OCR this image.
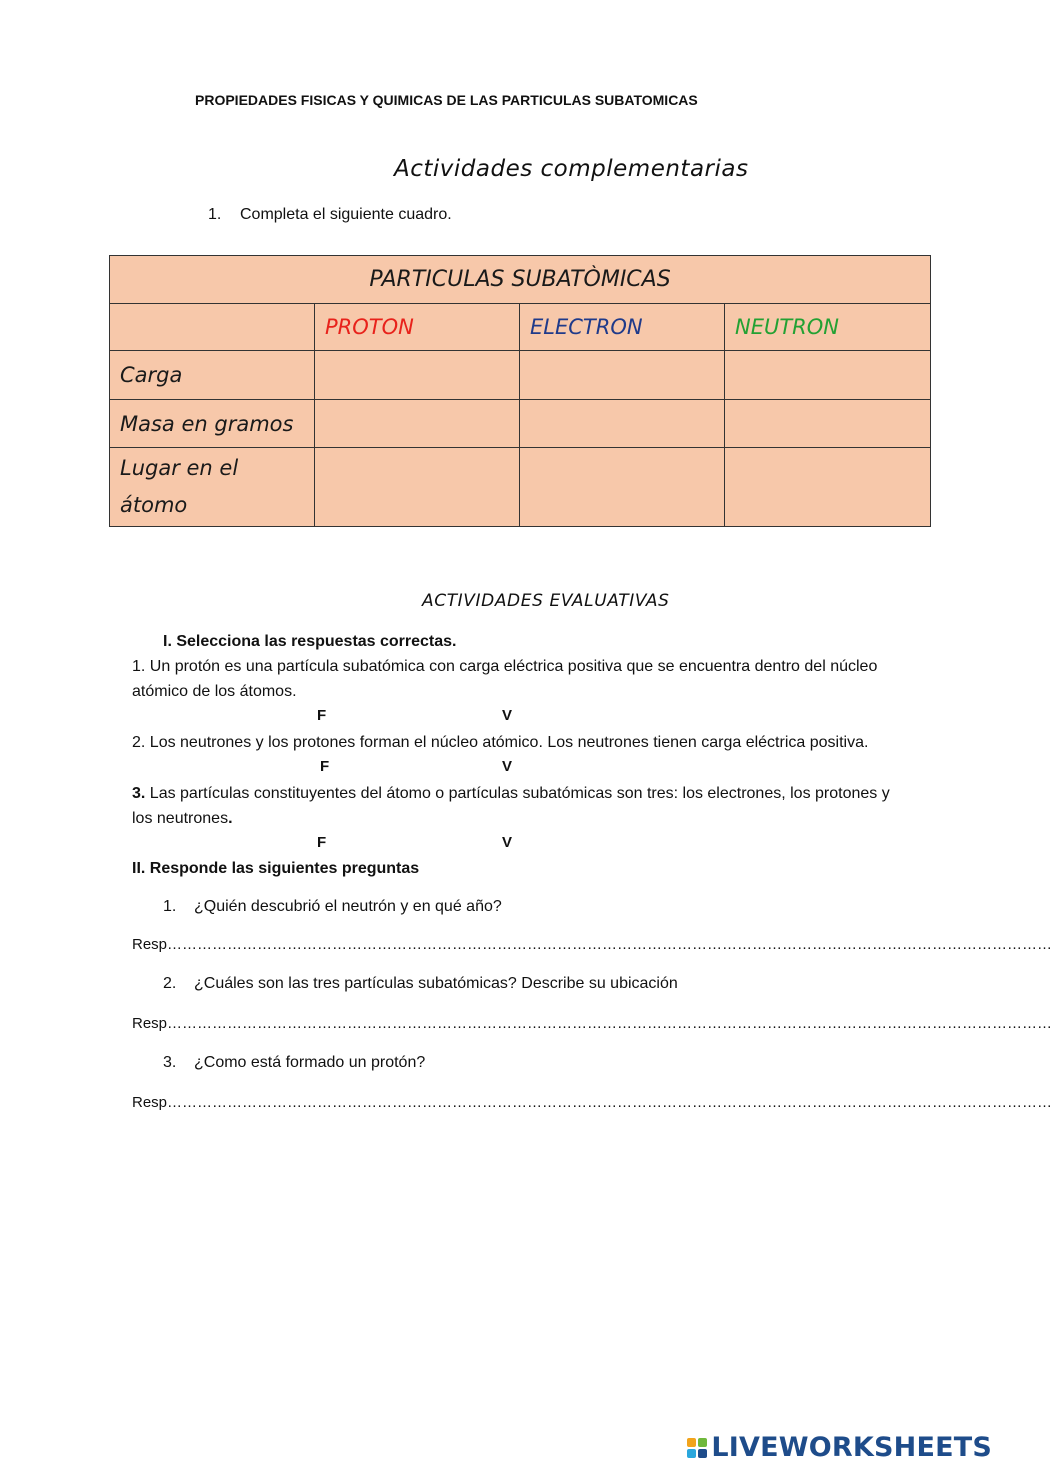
PROPIEDADES FISICAS Y QUIMICAS DE LAS PARTICULAS SUBATOMICAS
Actividades complementarias
1. Completa el siguiente cuadro.
PARTICULAS SUBATÒMICAS			
	PROTON	ELECTRON	NEUTRON
Carga			
Masa en gramos			
Lugar en el
átomo			
ACTIVIDADES EVALUATIVAS
I. Selecciona las respuestas correctas.
1. Un protón es una partícula subatómica con carga eléctrica positiva que se encuentra dentro del núcleo
atómico de los átomos.
F	V
2. Los neutrones y los protones forman el núcleo atómico. Los neutrones tienen carga eléctrica positiva.
F	V
3. Las partículas constituyentes del átomo o partículas subatómicas son tres: los electrones, los protones y
los neutrones.
F	V
II. Responde las siguientes preguntas
1. ¿Quién descubrió el neutrón y en qué año?
Resp……………………………………………………………………………………………………………………………………………………………
2. ¿Cuáles son las tres partículas subatómicas? Describe su ubicación
Resp……………………………………………………………………………………………………………………………………………………………
3. ¿Como está formado un protón?
Resp……………………………………………………………………………………………………………………………………………………………
LIVEWORKSHEETS
